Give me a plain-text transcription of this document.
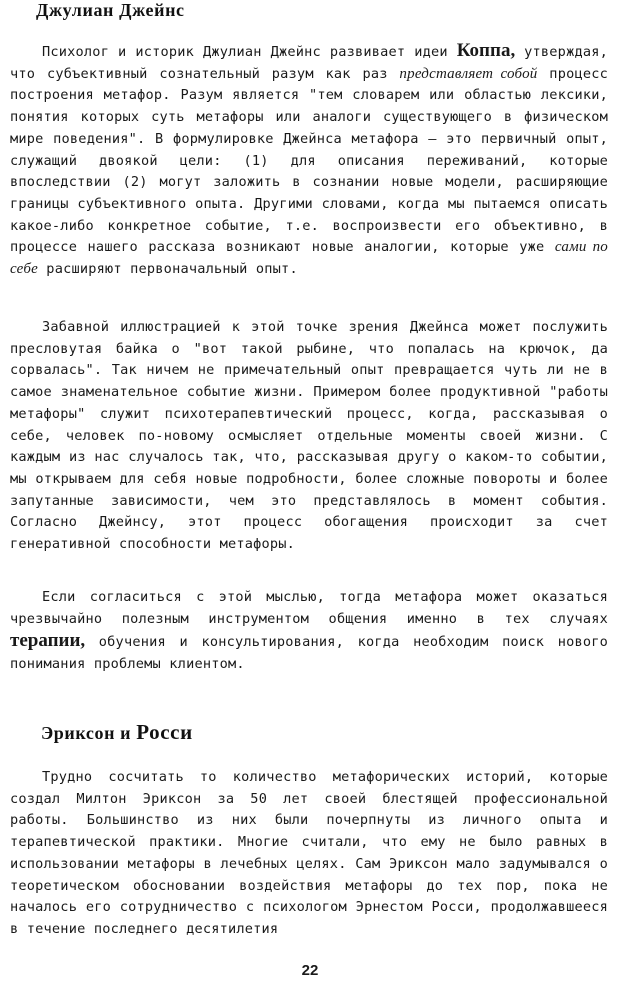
Джулиан Джейнс

Психолог и историк Джулиан Джейнс развивает идеи Коппа, утверждая, что субъективный сознательный разум как раз представляет собой процесс построения метафор. Разум является "тем словарем или областью лексики, понятия которых суть метафоры или аналоги существующего в физическом мире поведения". В формулировке Джейнса метафора — это первичный опыт, служащий двоякой цели: (1) для описания переживаний, которые впоследствии (2) могут заложить в сознании новые модели, расширяющие границы субъективного опыта. Другими словами, когда мы пытаемся описать какое-либо конкретное событие, т.е. воспроизвести его объективно, в процессе нашего рассказа возникают новые аналогии, которые уже сами по себе расширяют первоначальный опыт.

Забавной иллюстрацией к этой точке зрения Джейнса может послужить пресловутая байка о "вот такой рыбине, что попалась на крючок, да сорвалась". Так ничем не примечательный опыт превращается чуть ли не в самое знаменательное событие жизни. Примером более продуктивной "работы метафоры" служит психотерапевтический процесс, когда, рассказывая о себе, человек по-новому осмысляет отдельные моменты своей жизни. С каждым из нас случалось так, что, рассказывая другу о каком-то событии, мы открываем для себя новые подробности, более сложные повороты и более запутанные зависимости, чем это представлялось в момент события. Согласно Джейнсу, этот процесс обогащения происходит за счет генеративной способности метафоры.

Если согласиться с этой мыслью, тогда метафора может оказаться чрезвычайно полезным инструментом общения именно в тех случаях терапии, обучения и консультирования, когда необходим поиск нового понимания проблемы клиентом.

Эриксон и Росси

Трудно сосчитать то количество метафорических историй, которые создал Милтон Эриксон за 50 лет своей блестящей профессиональной работы. Большинство из них были почерпнуты из личного опыта и терапевтической практики. Многие считали, что ему не было равных в использовании метафоры в лечебных целях. Сам Эриксон мало задумывался о теоретическом обосновании воздействия метафоры до тех пор, пока не началось его сотрудничество с психологом Эрнестом Росси, продолжавшееся в течение последнего десятилетия

22
